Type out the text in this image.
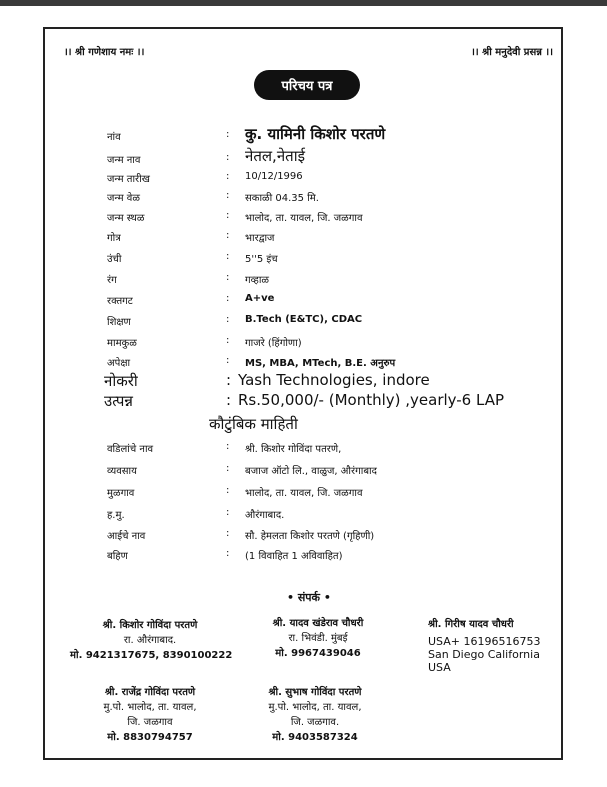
।। श्री गणेशाय नमः ।।	।। श्री मनुदेवी प्रसन्न ।।
परिचय पत्र
नांव	: कु. यामिनी किशोर परतणे
जन्म नाव	: नेतल,नेताई
जन्म तारीख	: 10/12/1996
जन्म वेळ	: सकाळी 04.35 मि.
जन्म स्थळ	: भालोद, ता. यावल, जि. जळगाव
गोत्र	: भारद्वाज
उंची	: 5''5 इंच
रंग	: गव्हाळ
रक्तगट	: A+ve
शिक्षण	: B.Tech (E&TC), CDAC
मामकुळ	: गाजरे (हिंगोणा)
अपेक्षा	: MS, MBA, MTech, B.E. अनुरुप
नोकरी	: Yash Technologies, indore
उत्पन्न	: Rs.50,000/- (Monthly) ,yearly-6 LAP
कौटुंबिक माहिती
वडिलांचे नाव	: श्री. किशोर गोविंदा पतरणे,
व्यवसाय	: बजाज ऑटो लि., वाळुज, औरंगाबाद
मुळगाव	: भालोद, ता. यावल, जि. जळगाव
ह.मु.	: औरंगाबाद.
आईचे नाव	: सौ. हेमलता किशोर परतणे (गृहिणी)
बहिण	: (1 विवाहित 1 अविवाहित)
• संपर्क •
श्री. किशोर गोविंदा परतणे
रा. औरंगाबाद.
मो. 9421317675, 8390100222
श्री. यादव खंडेराव चौधरी
रा. भिवंडी. मुंबई
मो. 9967439046
श्री. गिरीष यादव चौधरी
USA+ 16196516753
San Diego California
USA
श्री. राजेंद्र गोविंदा परतणे
मु.पो. भालोद, ता. यावल,
जि. जळगाव
मो. 8830794757
श्री. सुभाष गोविंदा परतणे
मु.पो. भालोद, ता. यावल,
जि. जळगाव.
मो. 9403587324
